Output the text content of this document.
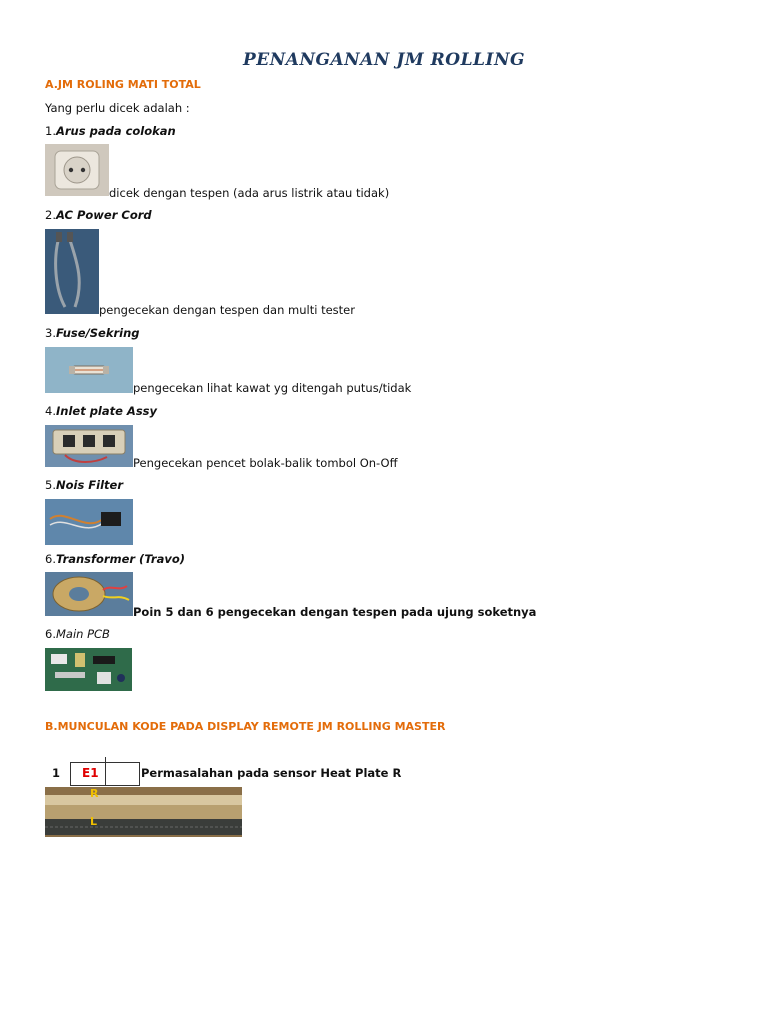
PENANGANAN JM ROLLING
A.JM ROLING MATI TOTAL
Yang perlu dicek adalah :
1.Arus pada colokan
dicek dengan tespen (ada arus listrik atau tidak)
2.AC Power Cord
pengecekan dengan tespen dan multi tester
3.Fuse/Sekring
pengecekan lihat kawat yg ditengah putus/tidak
4.Inlet plate Assy
Pengecekan pencet bolak-balik tombol On-Off
5.Nois Filter
6.Transformer (Travo)
Poin 5 dan 6 pengecekan dengan tespen pada ujung soketnya
6.Main PCB
B.MUNCULAN KODE PADA DISPLAY REMOTE JM ROLLING MASTER
1 E1	Permasalahan pada sensor Heat Plate R
R
L
